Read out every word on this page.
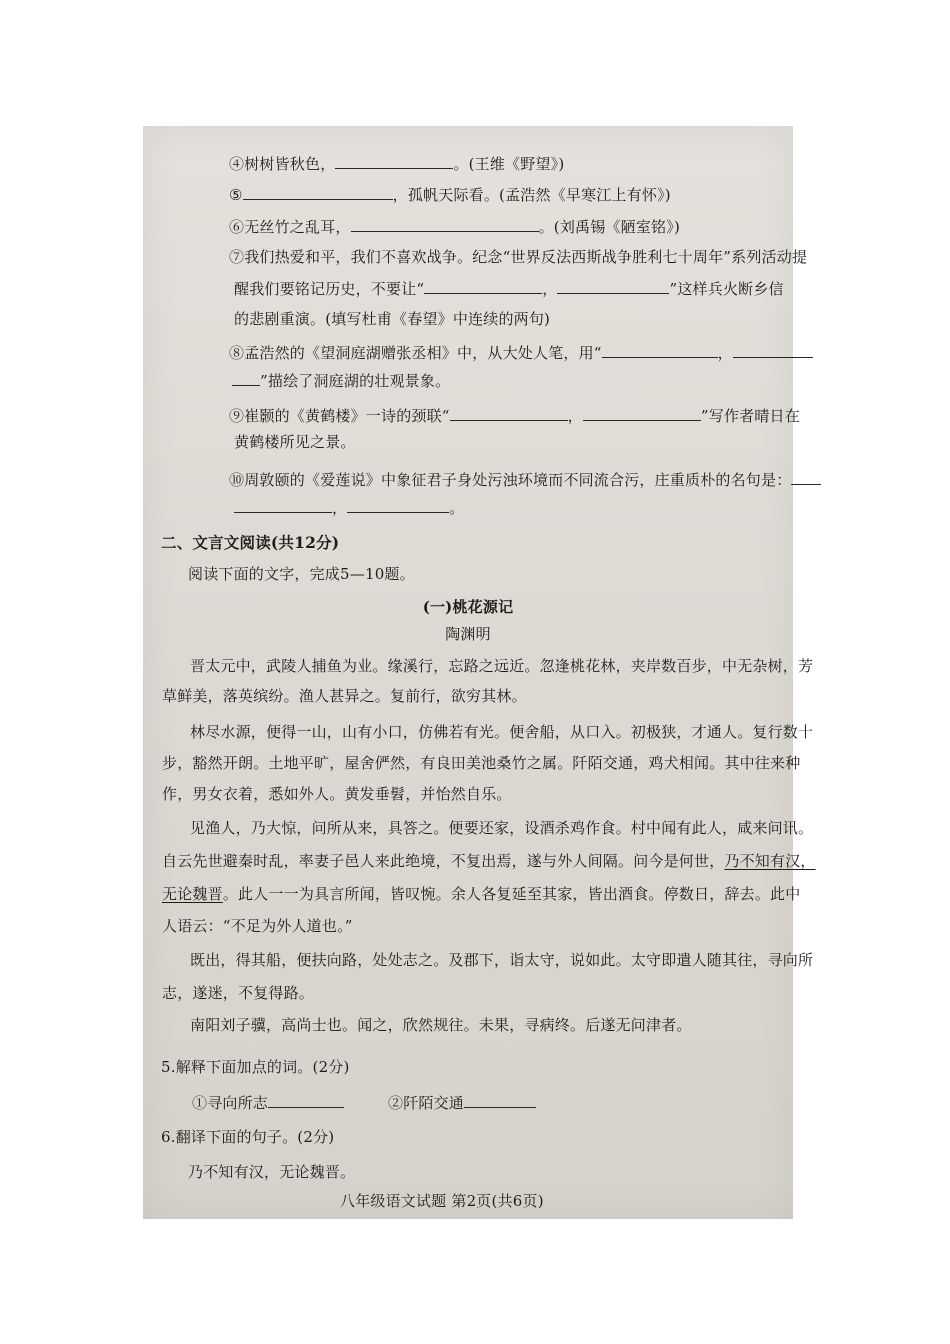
④树树皆秋色，	。(王维《野望》)
⑤	，孤帆天际看。(孟浩然《早寒江上有怀》)
⑥无丝竹之乱耳，	。(刘禹锡《陋室铭》)
⑦我们热爱和平，我们不喜欢战争。纪念“世界反法西斯战争胜利七十周年”系列活动提
醒我们要铭记历史，不要让“	，	”这样兵火断乡信
的悲剧重演。(填写杜甫《春望》中连续的两句)
⑧孟浩然的《望洞庭湖赠张丞相》中，从大处人笔，用“	，
”描绘了洞庭湖的壮观景象。
⑨崔颢的《黄鹤楼》一诗的颈联“	，	”写作者晴日在
黄鹤楼所见之景。
⑩周敦颐的《爱莲说》中象征君子身处污浊环境而不同流合污，庄重质朴的名句是：
，	。
二、文言文阅读(共12分)
阅读下面的文字，完成5—10题。
(一)桃花源记
陶渊明
晋太元中，武陵人捕鱼为业。缘溪行，忘路之远近。忽逢桃花林，夹岸数百步，中无杂树，芳
草鲜美，落英缤纷。渔人甚异之。复前行，欲穷其林。
林尽水源，便得一山，山有小口，仿佛若有光。便舍船，从口入。初极狭，才通人。复行数十
步，豁然开朗。土地平旷，屋舍俨然，有良田美池桑竹之属。阡陌交通，鸡犬相闻。其中往来种
作，男女衣着，悉如外人。黄发垂髫，并怡然自乐。
见渔人，乃大惊，问所从来，具答之。便要还家，设酒杀鸡作食。村中闻有此人，咸来问讯。
自云先世避秦时乱，率妻子邑人来此绝境，不复出焉，遂与外人间隔。问今是何世，乃不知有汉，
无论魏晋。此人一一为具言所闻，皆叹惋。余人各复延至其家，皆出酒食。停数日，辞去。此中
人语云：“不足为外人道也。”
既出，得其船，便扶向路，处处志之。及郡下，诣太守，说如此。太守即遣人随其往，寻向所
志，遂迷，不复得路。
南阳刘子骥，高尚士也。闻之，欣然规往。未果，寻病终。后遂无问津者。
5.解释下面加点的词。(2分)
①寻向所志	②阡陌交通
6.翻译下面的句子。(2分)
乃不知有汉，无论魏晋。
八年级语文试题 第2页(共6页)
